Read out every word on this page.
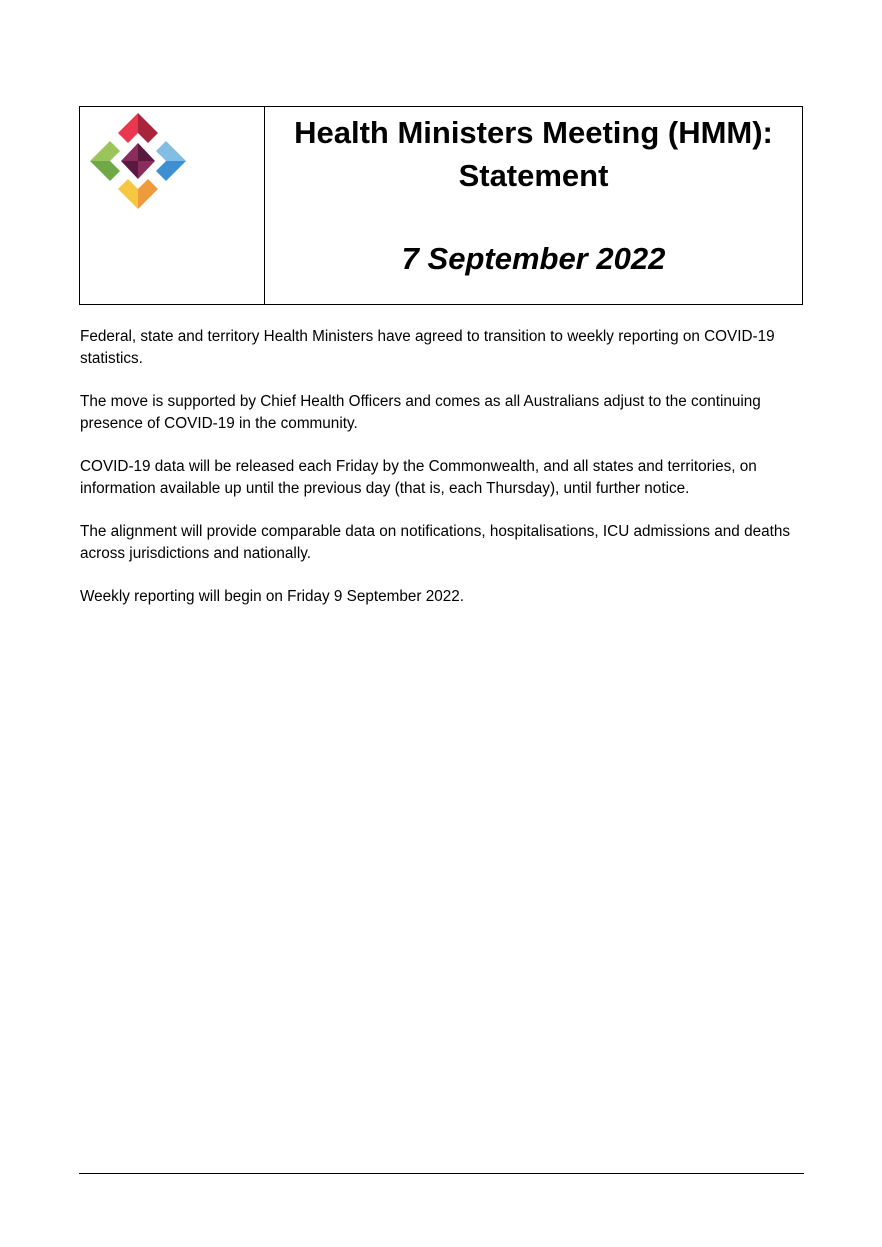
Health Ministers Meeting (HMM): Statement
7 September 2022

Federal, state and territory Health Ministers have agreed to transition to weekly reporting on COVID-19 statistics.

The move is supported by Chief Health Officers and comes as all Australians adjust to the continuing presence of COVID-19 in the community.

COVID-19 data will be released each Friday by the Commonwealth, and all states and territories, on information available up until the previous day (that is, each Thursday), until further notice.

The alignment will provide comparable data on notifications, hospitalisations, ICU admissions and deaths across jurisdictions and nationally.

Weekly reporting will begin on Friday 9 September 2022.
